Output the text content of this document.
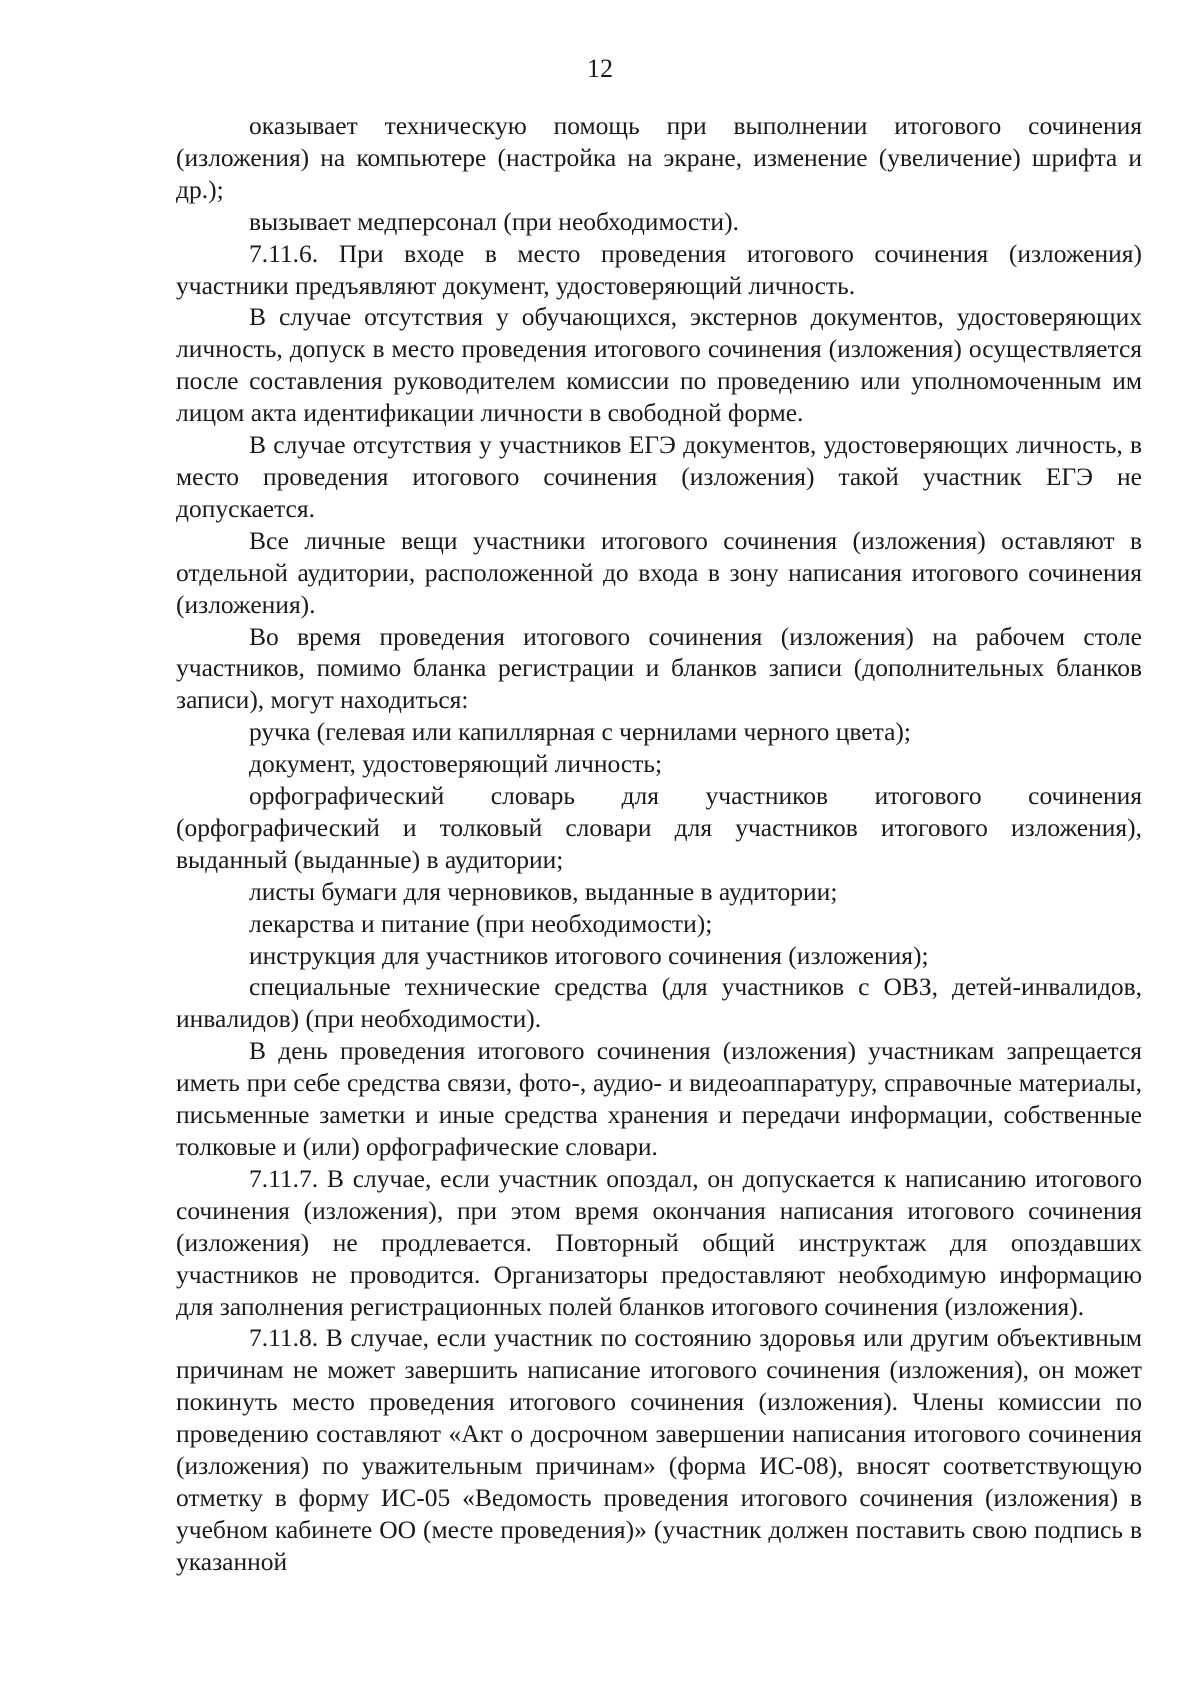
12

оказывает техническую помощь при выполнении итогового сочинения (изложения) на компьютере (настройка на экране, изменение (увеличение) шрифта и др.);

вызывает медперсонал (при необходимости).

7.11.6. При входе в место проведения итогового сочинения (изложения) участники предъявляют документ, удостоверяющий личность.

В случае отсутствия у обучающихся, экстернов документов, удостоверяющих личность, допуск в место проведения итогового сочинения (изложения) осуществляется после составления руководителем комиссии по проведению или уполномоченным им лицом акта идентификации личности в свободной форме.

В случае отсутствия у участников ЕГЭ документов, удостоверяющих личность, в место проведения итогового сочинения (изложения) такой участник ЕГЭ не допускается.

Все личные вещи участники итогового сочинения (изложения) оставляют в отдельной аудитории, расположенной до входа в зону написания итогового сочинения (изложения).

Во время проведения итогового сочинения (изложения) на рабочем столе участников, помимо бланка регистрации и бланков записи (дополнительных бланков записи), могут находиться:

ручка (гелевая или капиллярная с чернилами черного цвета);

документ, удостоверяющий личность;

орфографический словарь для участников итогового сочинения (орфографический и толковый словари для участников итогового изложения), выданный (выданные) в аудитории;

листы бумаги для черновиков, выданные в аудитории;

лекарства и питание (при необходимости);

инструкция для участников итогового сочинения (изложения);

специальные технические средства (для участников с ОВЗ, детей-инвалидов, инвалидов) (при необходимости).

В день проведения итогового сочинения (изложения) участникам запрещается иметь при себе средства связи, фото-, аудио- и видеоаппаратуру, справочные материалы, письменные заметки и иные средства хранения и передачи информации, собственные толковые и (или) орфографические словари.

7.11.7. В случае, если участник опоздал, он допускается к написанию итогового сочинения (изложения), при этом время окончания написания итогового сочинения (изложения) не продлевается. Повторный общий инструктаж для опоздавших участников не проводится. Организаторы предоставляют необходимую информацию для заполнения регистрационных полей бланков итогового сочинения (изложения).

7.11.8. В случае, если участник по состоянию здоровья или другим объективным причинам не может завершить написание итогового сочинения (изложения), он может покинуть место проведения итогового сочинения (изложения). Члены комиссии по проведению составляют «Акт о досрочном завершении написания итогового сочинения (изложения) по уважительным причинам» (форма ИС-08), вносят соответствующую отметку в форму ИС-05 «Ведомость проведения итогового сочинения (изложения) в учебном кабинете ОО (месте проведения)» (участник должен поставить свою подпись в указанной
